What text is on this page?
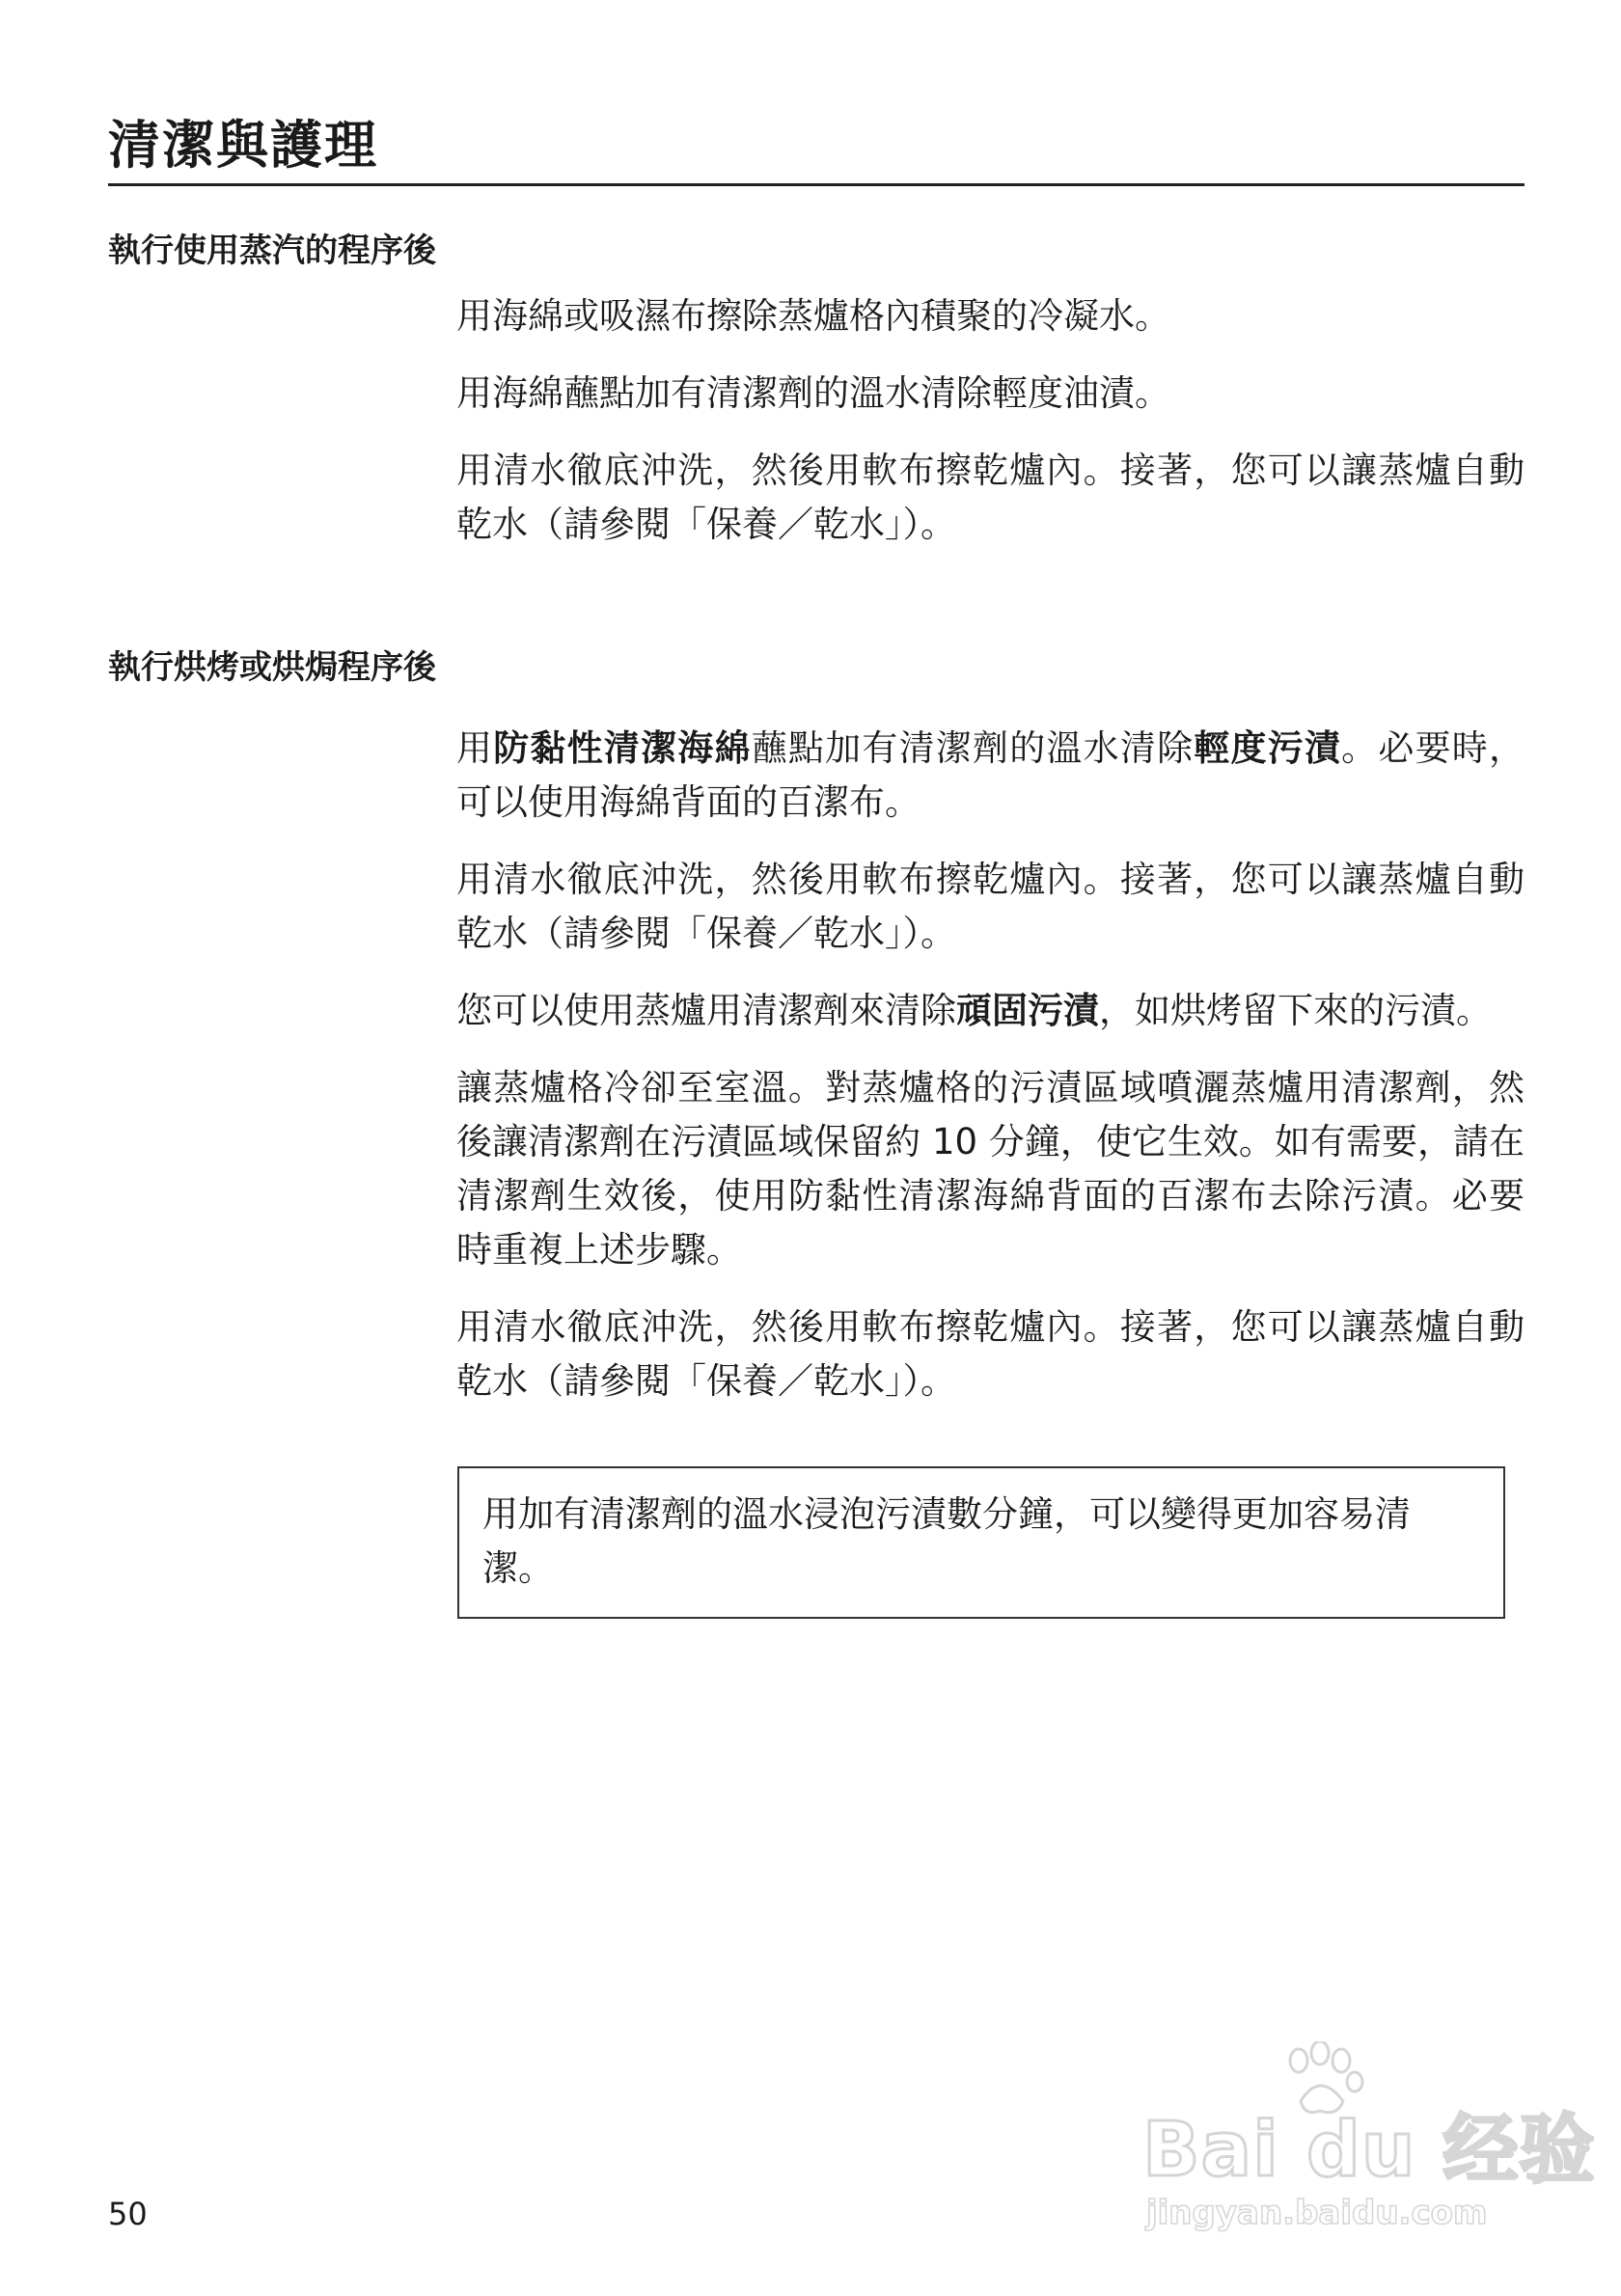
清潔與護理
執行使用蒸汽的程序後

用海綿或吸濕布擦除蒸爐格內積聚的冷凝水。

用海綿蘸點加有清潔劑的溫水清除輕度油漬。

用清水徹底沖洗，然後用軟布擦乾爐內。接著，您可以讓蒸爐自動乾水（請參閱「保養／乾水」）。

執行烘烤或烘焗程序後

用防黏性清潔海綿蘸點加有清潔劑的溫水清除輕度污漬。必要時，可以使用海綿背面的百潔布。

用清水徹底沖洗，然後用軟布擦乾爐內。接著，您可以讓蒸爐自動乾水（請參閱「保養／乾水」）。

您可以使用蒸爐用清潔劑來清除頑固污漬，如烘烤留下來的污漬。

讓蒸爐格冷卻至室溫。對蒸爐格的污漬區域噴灑蒸爐用清潔劑，然後讓清潔劑在污漬區域保留約 10 分鐘，使它生效。如有需要，請在清潔劑生效後，使用防黏性清潔海綿背面的百潔布去除污漬。必要時重複上述步驟。

用清水徹底沖洗，然後用軟布擦乾爐內。接著，您可以讓蒸爐自動乾水（請參閱「保養／乾水」）。

用加有清潔劑的溫水浸泡污漬數分鐘，可以變得更加容易清潔。

50

Bai du 经验
jingyan.baidu.com
